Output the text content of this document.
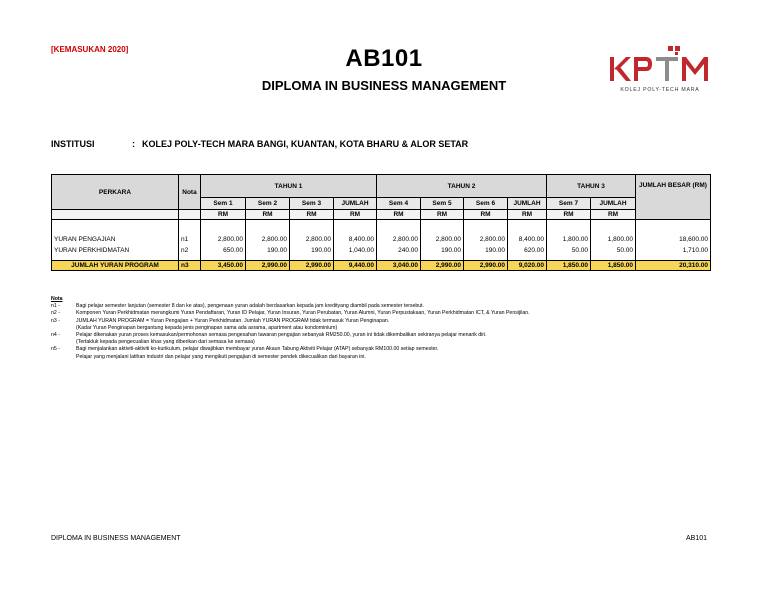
[KEMASUKAN 2020]	AB101
DIPLOMA IN BUSINESS MANAGEMENT	KOLEJ POLY-TECH MARA
INSTITUSI	: KOLEJ POLY-TECH MARA BANGI, KUANTAN, KOTA BHARU & ALOR SETAR
PERKARA	Nota	TAHUN 1				TAHUN 2				TAHUN 3		JUMLAH BESAR (RM)
		Sem 1	Sem 2	Sem 3	JUMLAH	Sem 4	Sem 5	Sem 6	JUMLAH	Sem 7	JUMLAH	
		RM	RM	RM	RM	RM	RM	RM	RM	RM	RM	

YURAN PENGAJIAN	n1	2,800.00	2,800.00	2,800.00	8,400.00	2,800.00	2,800.00	2,800.00	8,400.00	1,800.00	1,800.00	18,600.00
YURAN PERKHIDMATAN	n2	650.00	190.00	190.00	1,040.00	240.00	190.00	190.00	620.00	50.00	50.00	1,710.00

JUMLAH YURAN PROGRAM	n3	3,450.00	2,990.00	2,990.00	9,440.00	3,040.00	2,990.00	2,990.00	9,020.00	1,850.00	1,850.00	20,310.00
Nota
n1 -	Bagi pelajar semester lanjutan (semester 8 dan ke atas), pengenaan yuran adalah berdasarkan kepada jam kredityang diambil pada semester tersebut.
n2 -	Komponen Yuran Perkhidmatan merangkumi Yuran Pendaftaran, Yuran ID Pelajar, Yuran Insuran, Yuran Perubatan, Yuran Alumni, Yuran Perpustakaan, Yuran Perkhidmatan ICT, & Yuran Pensijilan.
n3 -	JUMLAH YURAN PROGRAM = Yuran Pengajian + Yuran Perkhidmatan. Jumlah YURAN PROGRAM tidak termasuk Yuran Penginapan.
(Kadar Yuran Penginapan bergantung kepada jenis penginapan sama ada asrama, apartment atau kondominium)
n4 -	Pelajar dikenakan yuran proses kemasukan/permohonan semasa pengesahan tawaran pengajian sebanyak RM250.00, yuran ini tidak dikembalikan sekiranya pelajar menarik diri.
(Tertakluk kepada pengecualian khas yang diberikan dari semasa ke semasa)
n5 -	Bagi menjalankan aktiviti-aktiviti ko-kurikulum, pelajar diwajibkan membayar yuran Akaun Tabung Aktiviti Pelajar (ATAP) sebanyak RM100.00 setiap semester.
Pelajar yang menjalani latihan industri dan pelajar yang mengikuti pengajian di semester pendek dikecualikan dari bayaran ini.
DIPLOMA IN BUSINESS MANAGEMENT	AB101
